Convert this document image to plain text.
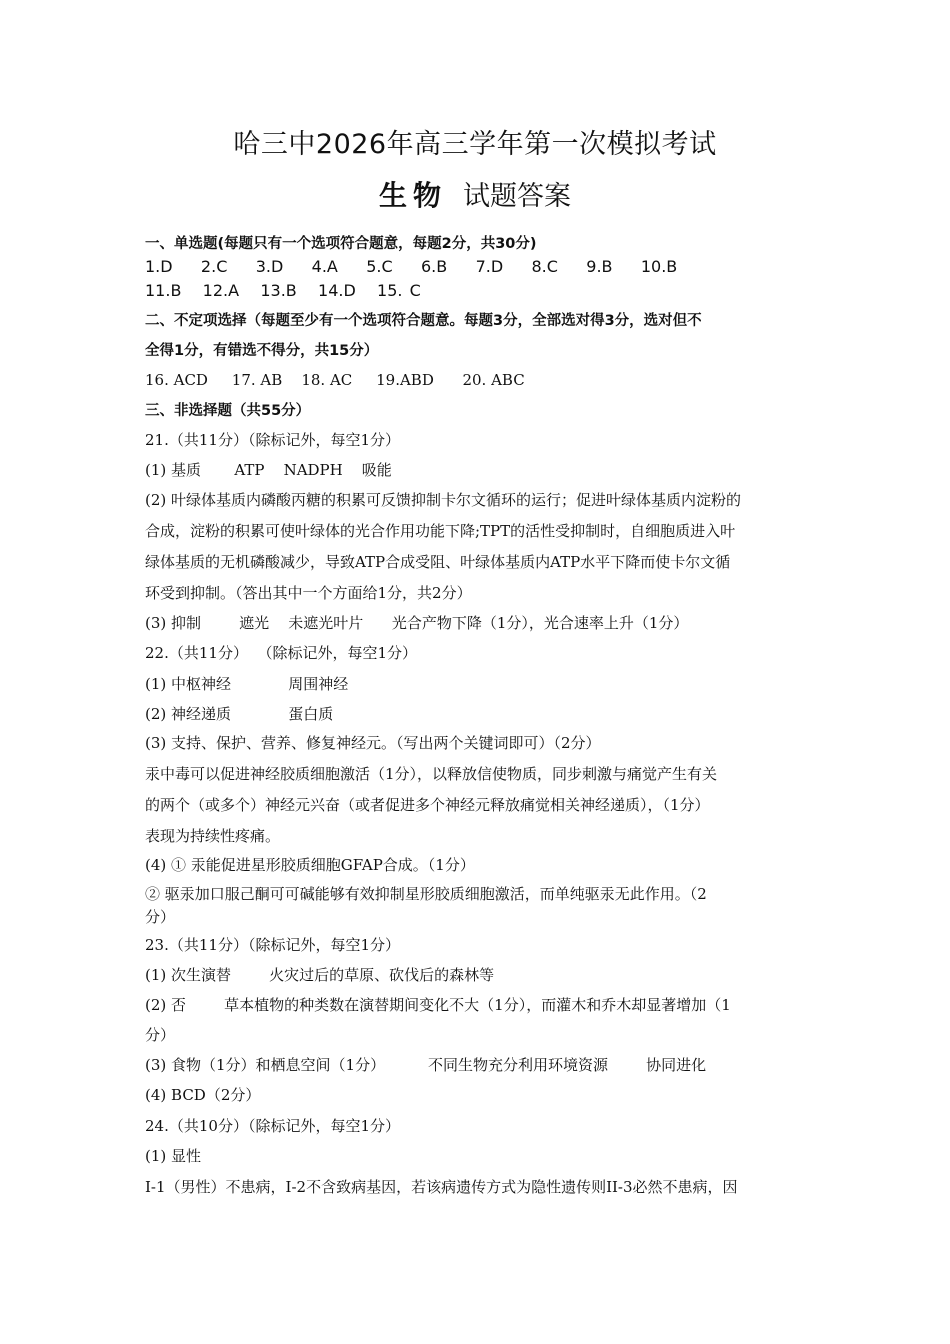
哈三中2026年高三学年第一次模拟考试
生物 试题答案
一、单选题(每题只有一个选项符合题意，每题2分，共30分)
1.D    2.C    3.D    4.A    5.C    6.B    7.D    8.C    9.B    10.B
11.B   12.A   13.B   14.D   15. C
二、不定项选择（每题至少有一个选项符合题意。每题3分，全部选对得3分，选对但不
全得1分，有错选不得分，共15分）
16. ACD     17. AB    18. AC     19.ABD      20. ABC
三、非选择题（共55分）
21.（共11分）（除标记外，每空1分）
(1) 基质       ATP    NADPH    吸能
(2) 叶绿体基质内磷酸丙糖的积累可反馈抑制卡尔文循环的运行；促进叶绿体基质内淀粉的
合成，淀粉的积累可使叶绿体的光合作用功能下降;TPT的活性受抑制时，自细胞质进入叶
绿体基质的无机磷酸减少，导致ATP合成受阻、叶绿体基质内ATP水平下降而使卡尔文循
环受到抑制。（答出其中一个方面给1分，共2分）
(3) 抑制        遮光    未遮光叶片      光合产物下降（1分），光合速率上升（1分）
22.（共11分）  （除标记外，每空1分）
(1) 中枢神经            周围神经
(2) 神经递质            蛋白质
(3) 支持、保护、营养、修复神经元。（写出两个关键词即可）（2分）
汞中毒可以促进神经胶质细胞激活（1分），以释放信使物质，同步刺激与痛觉产生有关
的两个（或多个）神经元兴奋（或者促进多个神经元释放痛觉相关神经递质），（1分）
表现为持续性疼痛。
(4) ① 汞能促进星形胶质细胞GFAP合成。（1分）
② 驱汞加口服己酮可可碱能够有效抑制星形胶质细胞激活，而单纯驱汞无此作用。（2
分）
23.（共11分）（除标记外，每空1分）
(1) 次生演替        火灾过后的草原、砍伐后的森林等
(2) 否        草本植物的种类数在演替期间变化不大（1分），而灌木和乔木却显著增加（1
分）
(3) 食物（1分）和栖息空间（1分）         不同生物充分利用环境资源        协同进化
(4) BCD（2分）
24.（共10分）（除标记外，每空1分）
(1) 显性
I-1（男性）不患病，I-2不含致病基因，若该病遗传方式为隐性遗传则II-3必然不患病，因
